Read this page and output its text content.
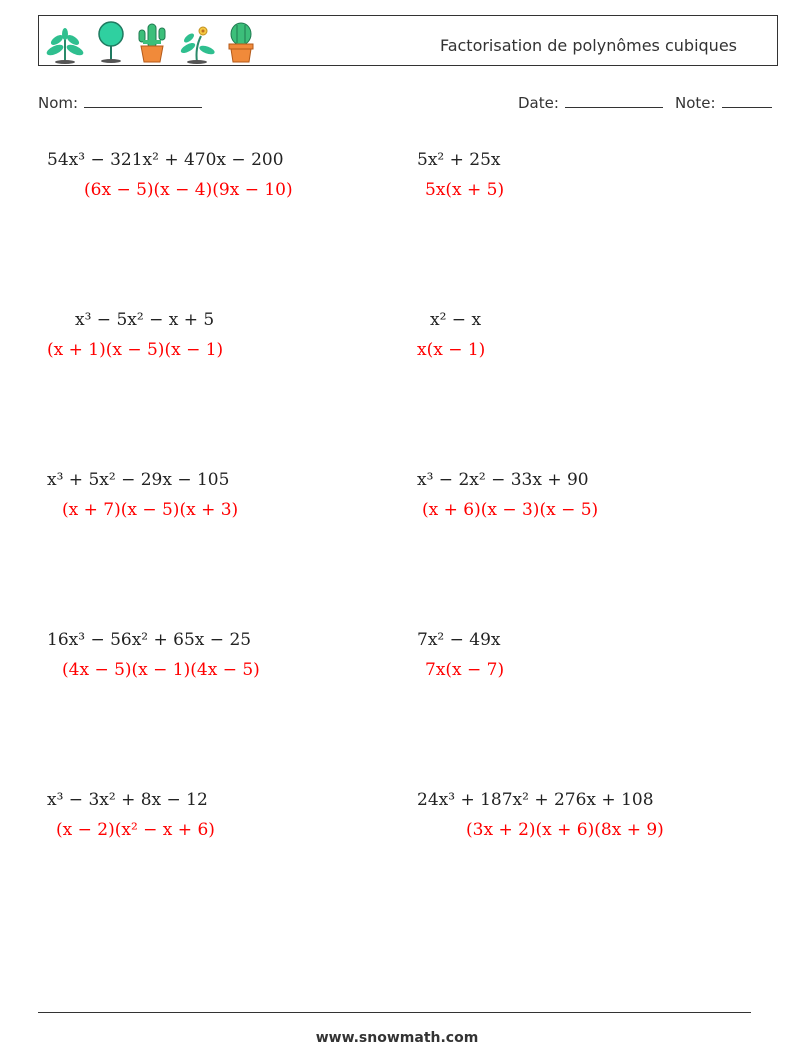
Factorisation de polynômes cubiques
Nom:	Date:	Note:
54x³ − 321x² + 470x − 200
(6x − 5)(x − 4)(9x − 10)
5x² + 25x
5x(x + 5)
x³ − 5x² − x + 5
(x + 1)(x − 5)(x − 1)
x² − x
x(x − 1)
x³ + 5x² − 29x − 105
(x + 7)(x − 5)(x + 3)
x³ − 2x² − 33x + 90
(x + 6)(x − 3)(x − 5)
16x³ − 56x² + 65x − 25
(4x − 5)(x − 1)(4x − 5)
7x² − 49x
7x(x − 7)
x³ − 3x² + 8x − 12
(x − 2)(x² − x + 6)
24x³ + 187x² + 276x + 108
(3x + 2)(x + 6)(8x + 9)
www.snowmath.com
